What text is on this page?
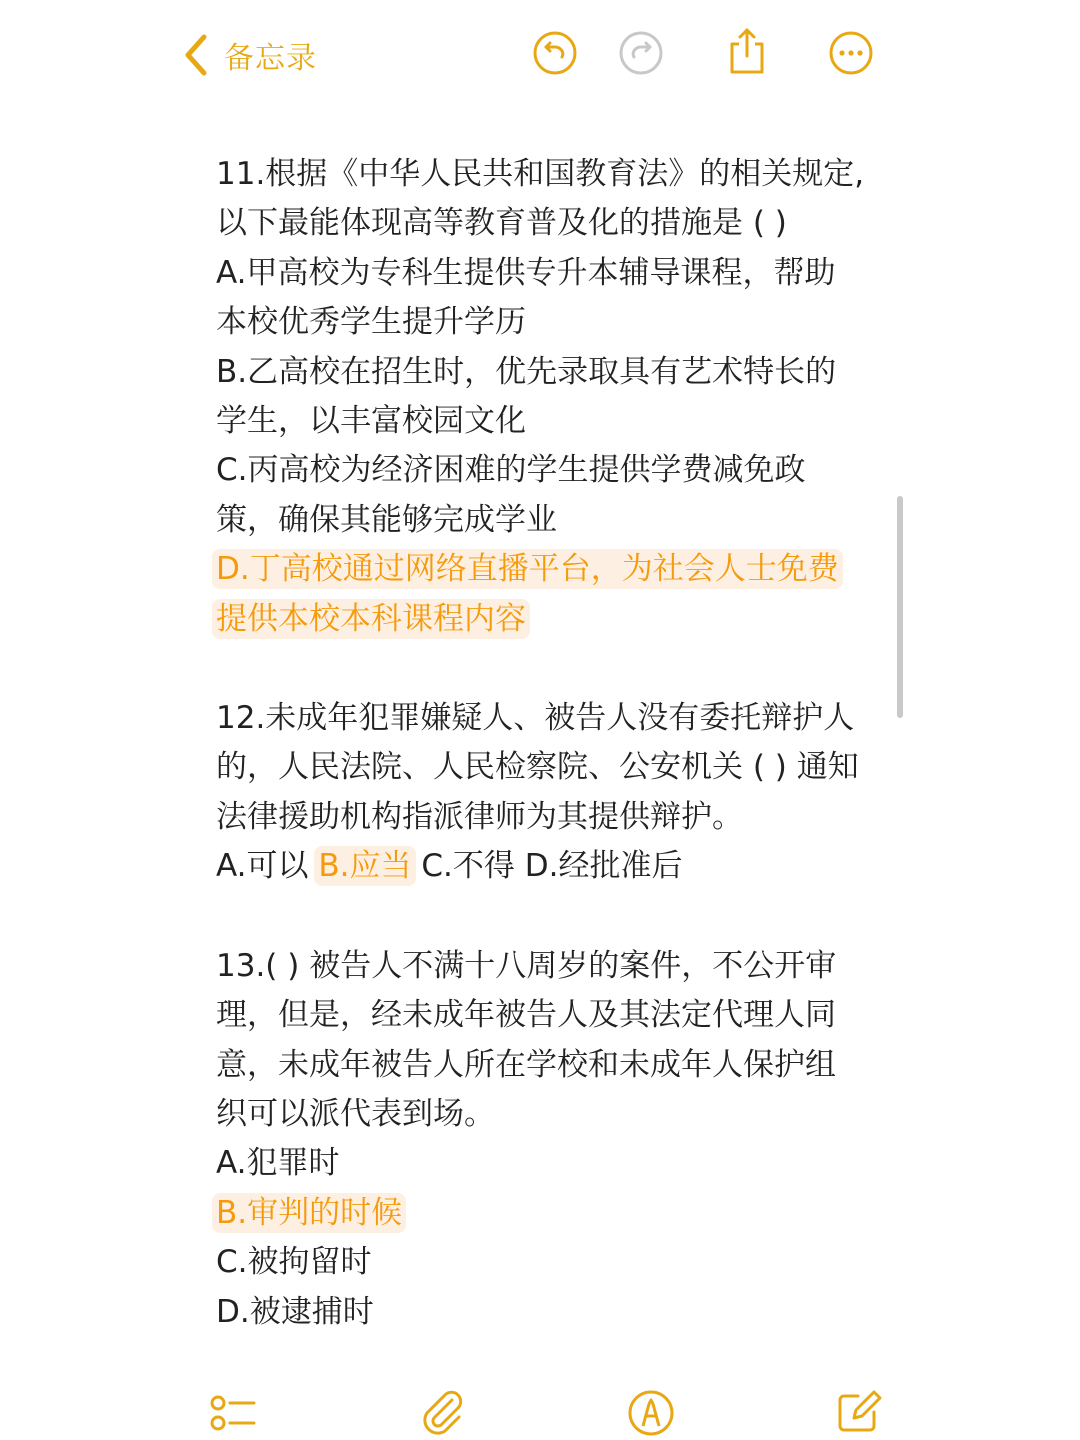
备忘录
11.根据《中华人民共和国教育法》的相关规定,以下最能体现高等教育普及化的措施是 ( )
A.甲高校为专科生提供专升本辅导课程，帮助本校优秀学生提升学历
B.乙高校在招生时，优先录取具有艺术特长的学生，以丰富校园文化
C.丙高校为经济困难的学生提供学费减免政策，确保其能够完成学业
D.丁高校通过网络直播平台，为社会人士免费提供本校本科课程内容
12.未成年犯罪嫌疑人、被告人没有委托辩护人的，人民法院、人民检察院、公安机关 ( ) 通知法律援助机构指派律师为其提供辩护。
A.可以 B.应当 C.不得 D.经批准后
13.( ) 被告人不满十八周岁的案件，不公开审理，但是，经未成年被告人及其法定代理人同意，未成年被告人所在学校和未成年人保护组织可以派代表到场。
A.犯罪时
B.审判的时候
C.被拘留时
D.被逮捕时
